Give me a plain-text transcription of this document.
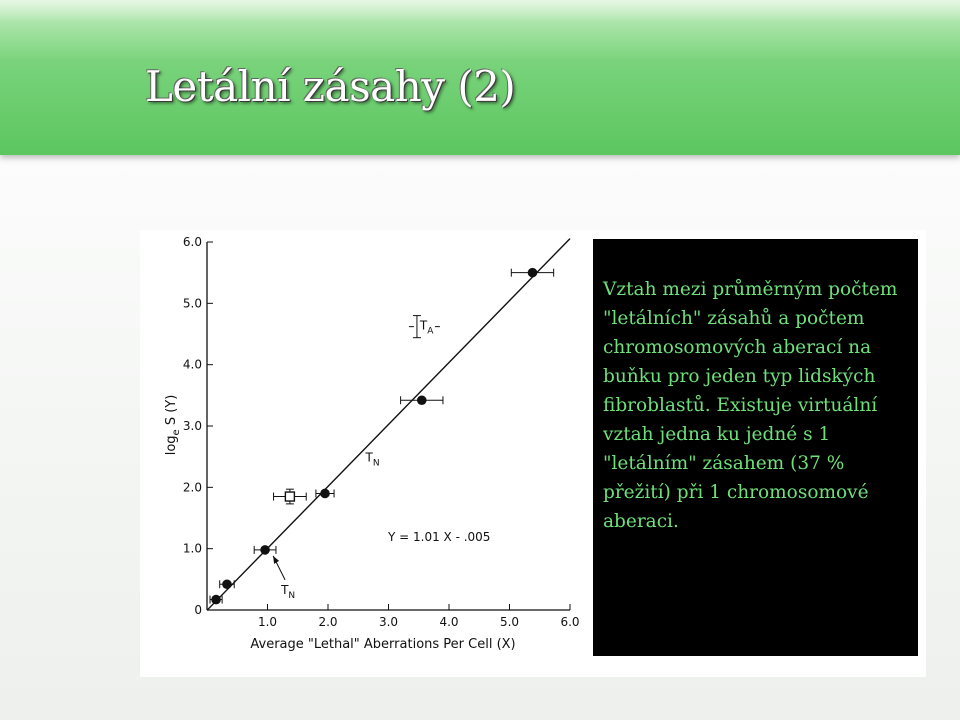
Letální zásahy (2)
1.0	2.0	3.0	4.0	5.0	6.0
0
1.0
2.0
3.0
4.0
5.0
6.0
Average "Lethal" Aberrations Per Cell (X)
$\log_e S$ (Y)
Y = 1.01 X - .005
$T_N$
$T_N$
$T_A$

Vztah mezi průměrným počtem "letálních" zásahů a počtem chromosomových aberací na buňku pro jeden typ lidských fibroblastů. Existuje virtuální vztah jedna ku jedné s 1 "letálním" zásahem (37 % přežití) při 1 chromosomové aberaci.
